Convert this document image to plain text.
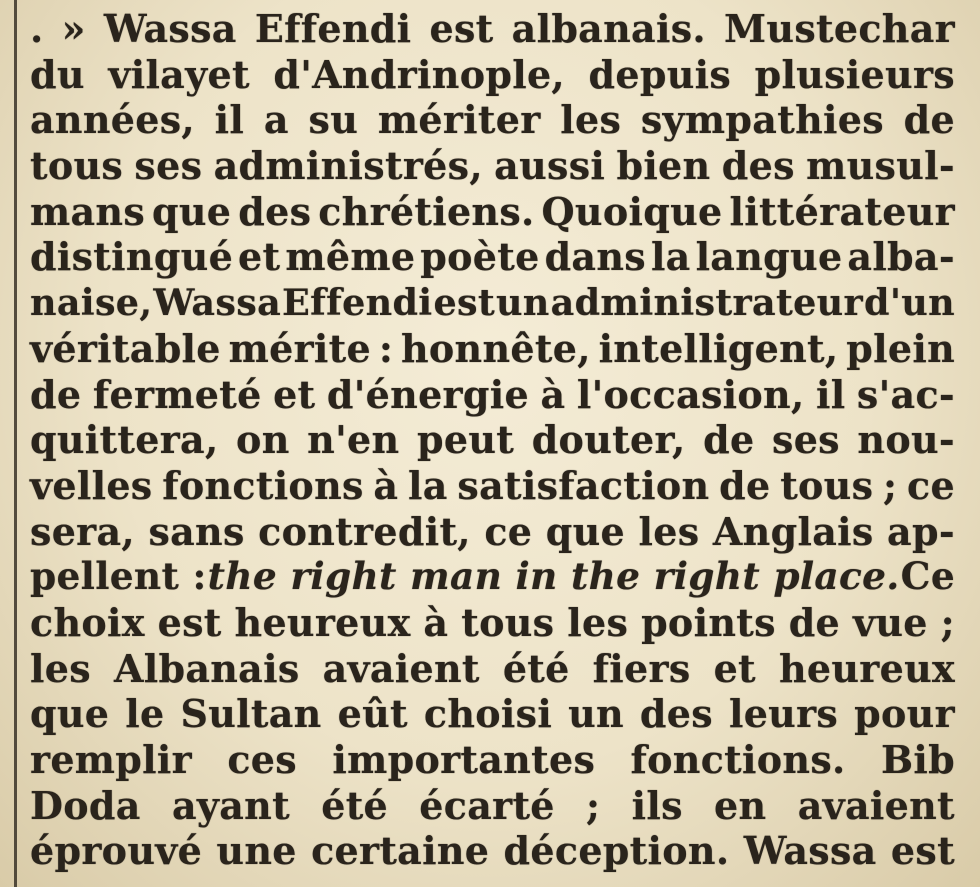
. » Wassa Effendi est albanais. Mustechar
du vilayet d'Andrinople, depuis plusieurs
années, il a su mériter les sympathies de
tous ses administrés, aussi bien des musul-
mans que des chrétiens. Quoique littérateur
distingué et même poète dans la langue alba-
naise, Wassa Effendi est un administrateur d'un
véritable mérite : honnête, intelligent, plein
de fermeté et d'énergie à l'occasion, il s'ac-
quittera, on n'en peut douter, de ses nou-
velles fonctions à la satisfaction de tous ; ce
sera, sans contredit, ce que les Anglais ap-
pellent : the right man in the right place. Ce
choix est heureux à tous les points de vue ;
les Albanais avaient été fiers et heureux
que le Sultan eût choisi un des leurs pour
remplir ces importantes fonctions. Bib
Doda ayant été écarté ; ils en avaient
éprouvé une certaine déception. Wassa est
